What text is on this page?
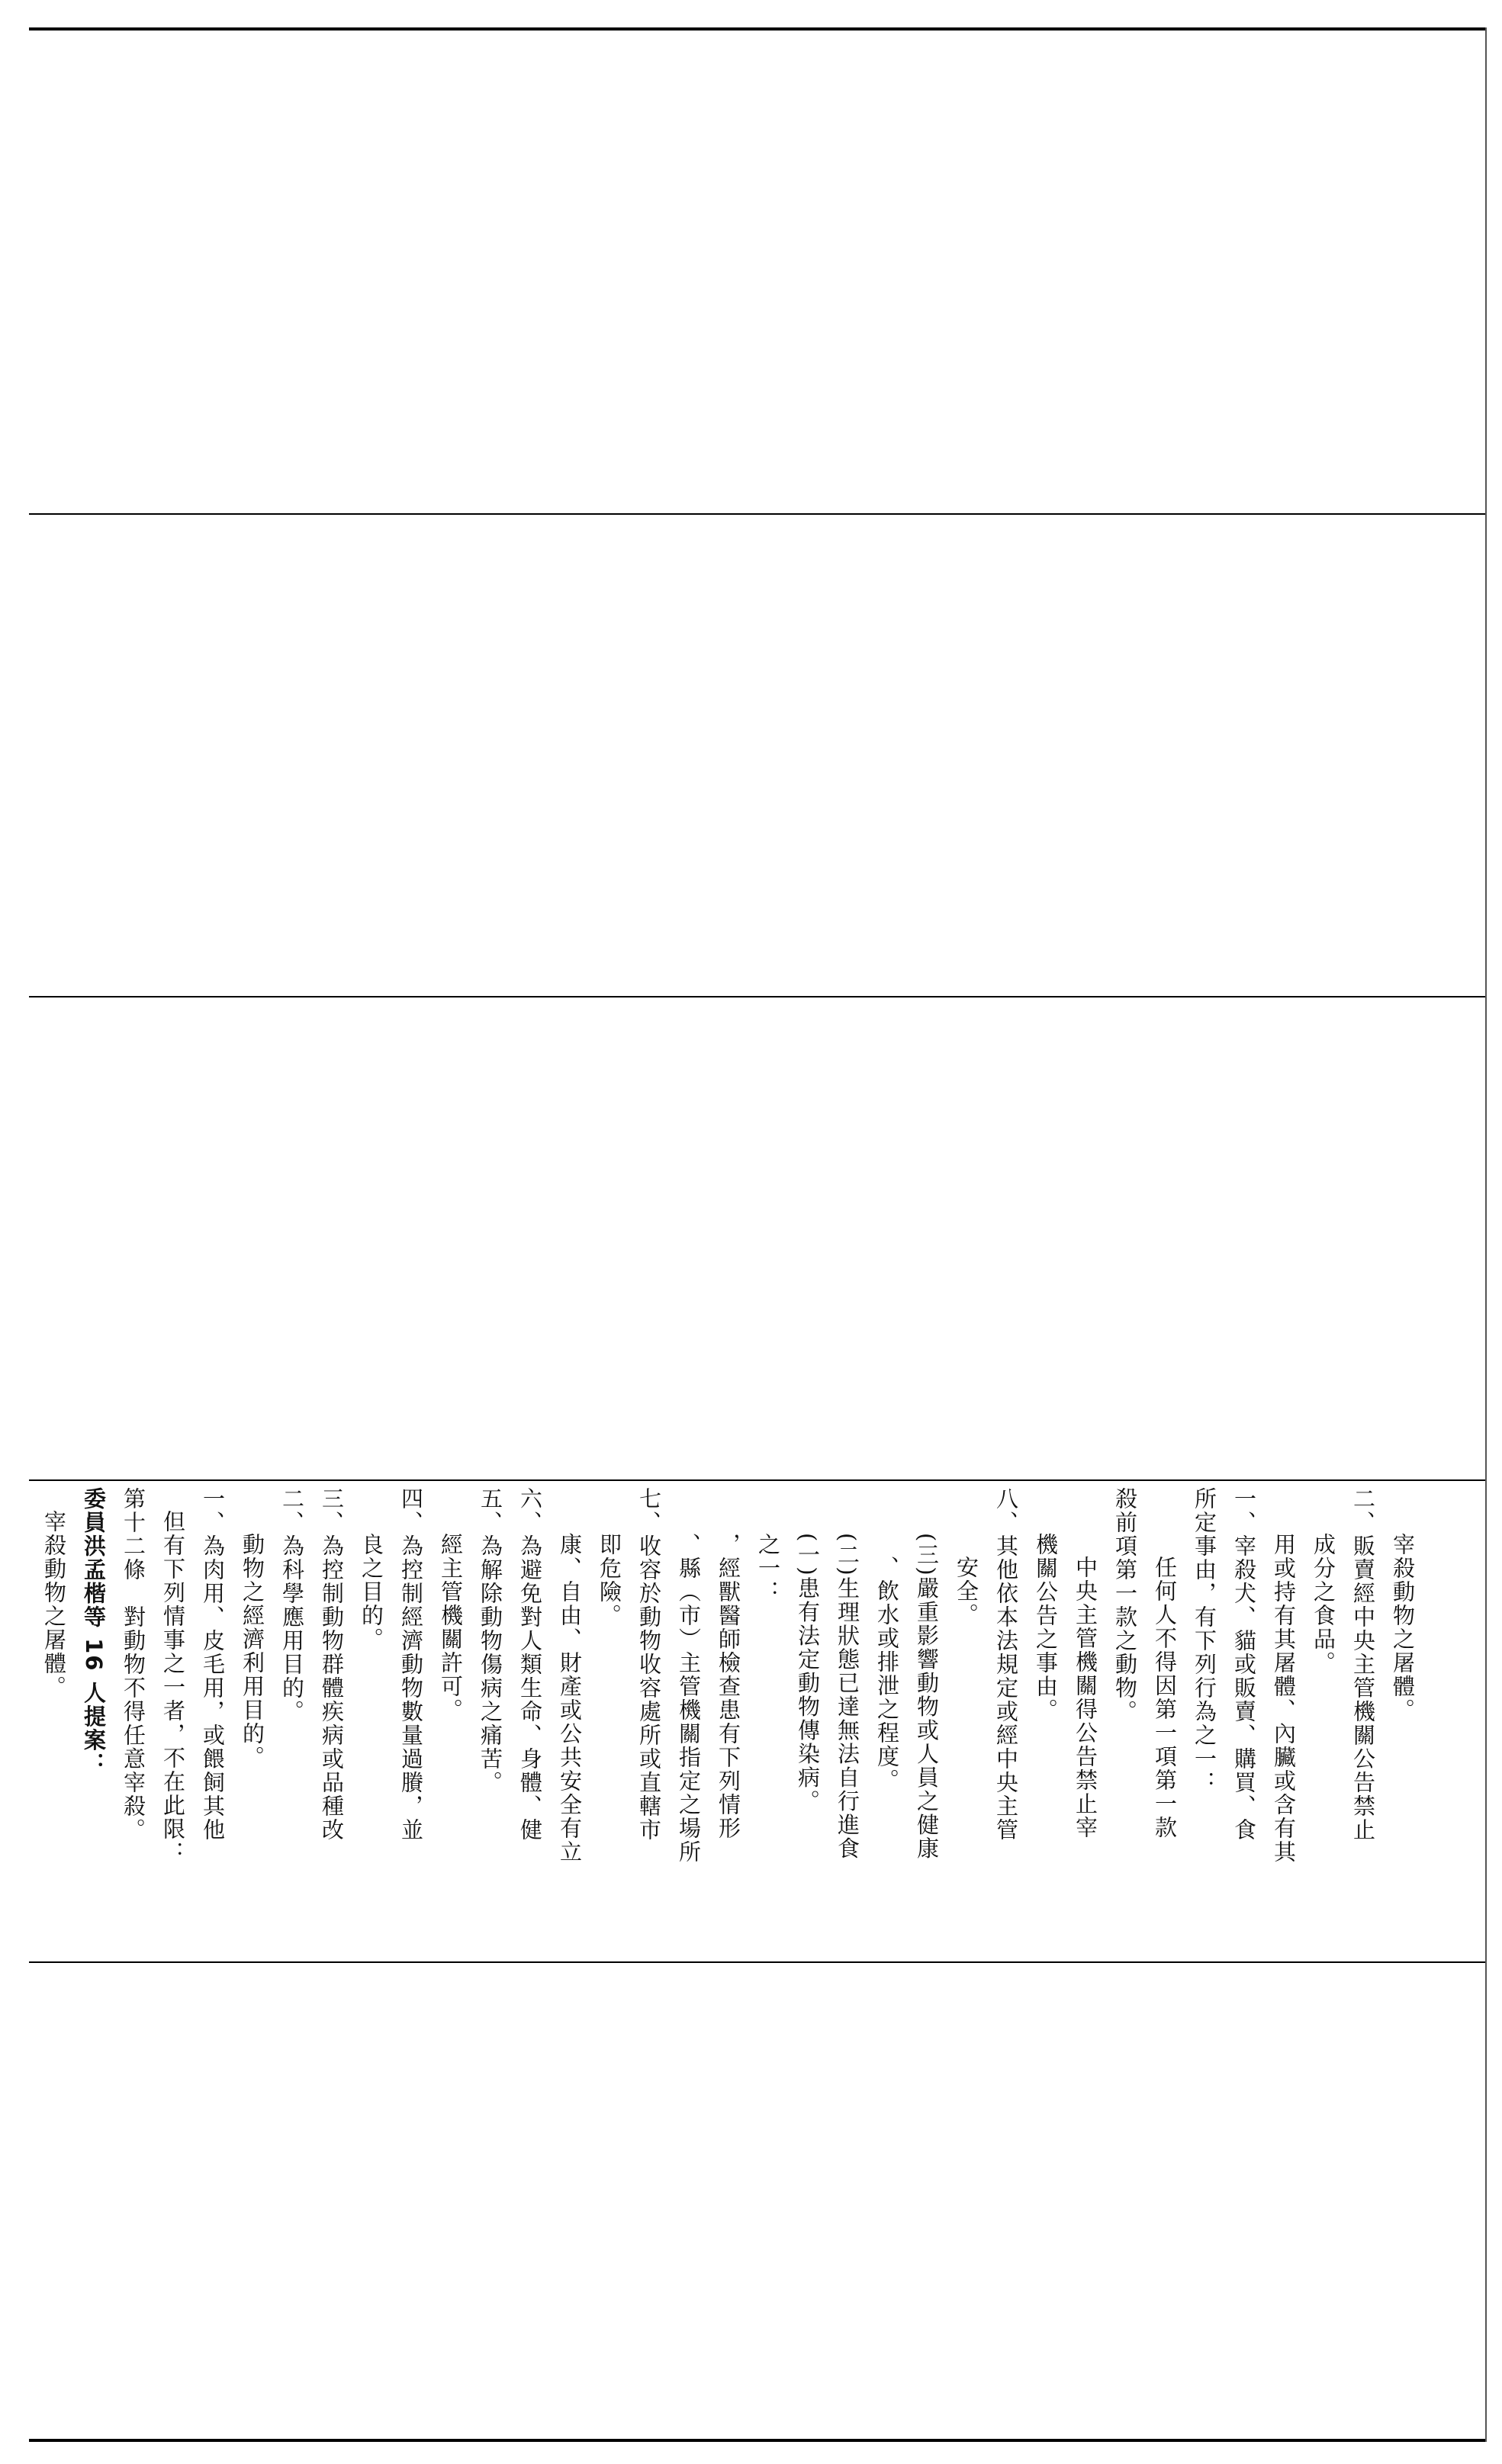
宰殺動物之屠體。 委員洪孟楷等 16 人提案： 第十二條　對動物不得任意宰殺。 但有下列情事之一者，不在此限： 一、為肉用、皮毛用，或餵飼其他 動物之經濟利用目的。 二、為科學應用目的。 三、為控制動物群體疾病或品種改 良之目的。 四、為控制經濟動物數量過賸，並 經主管機關許可。 五、為解除動物傷病之痛苦。 六、為避免對人類生命、身體、健 康、自由、財產或公共安全有立 即危險。 七、收容於動物收容處所或直轄市 、縣（市）主管機關指定之場所 ，經獸醫師檢查患有下列情形 之一： (一)患有法定動物傳染病。 (二)生理狀態已達無法自行進食 、飲水或排泄之程度。 (三)嚴重影響動物或人員之健康 安全。 八、其他依本法規定或經中央主管 機關公告之事由。 中央主管機關得公告禁止宰 殺前項第一款之動物。 任何人不得因第一項第一款 所定事由，有下列行為之一： 一、宰殺犬、貓或販賣、購買、食 用或持有其屠體、內臟或含有其 成分之食品。 二、販賣經中央主管機關公告禁止 宰殺動物之屠體。
